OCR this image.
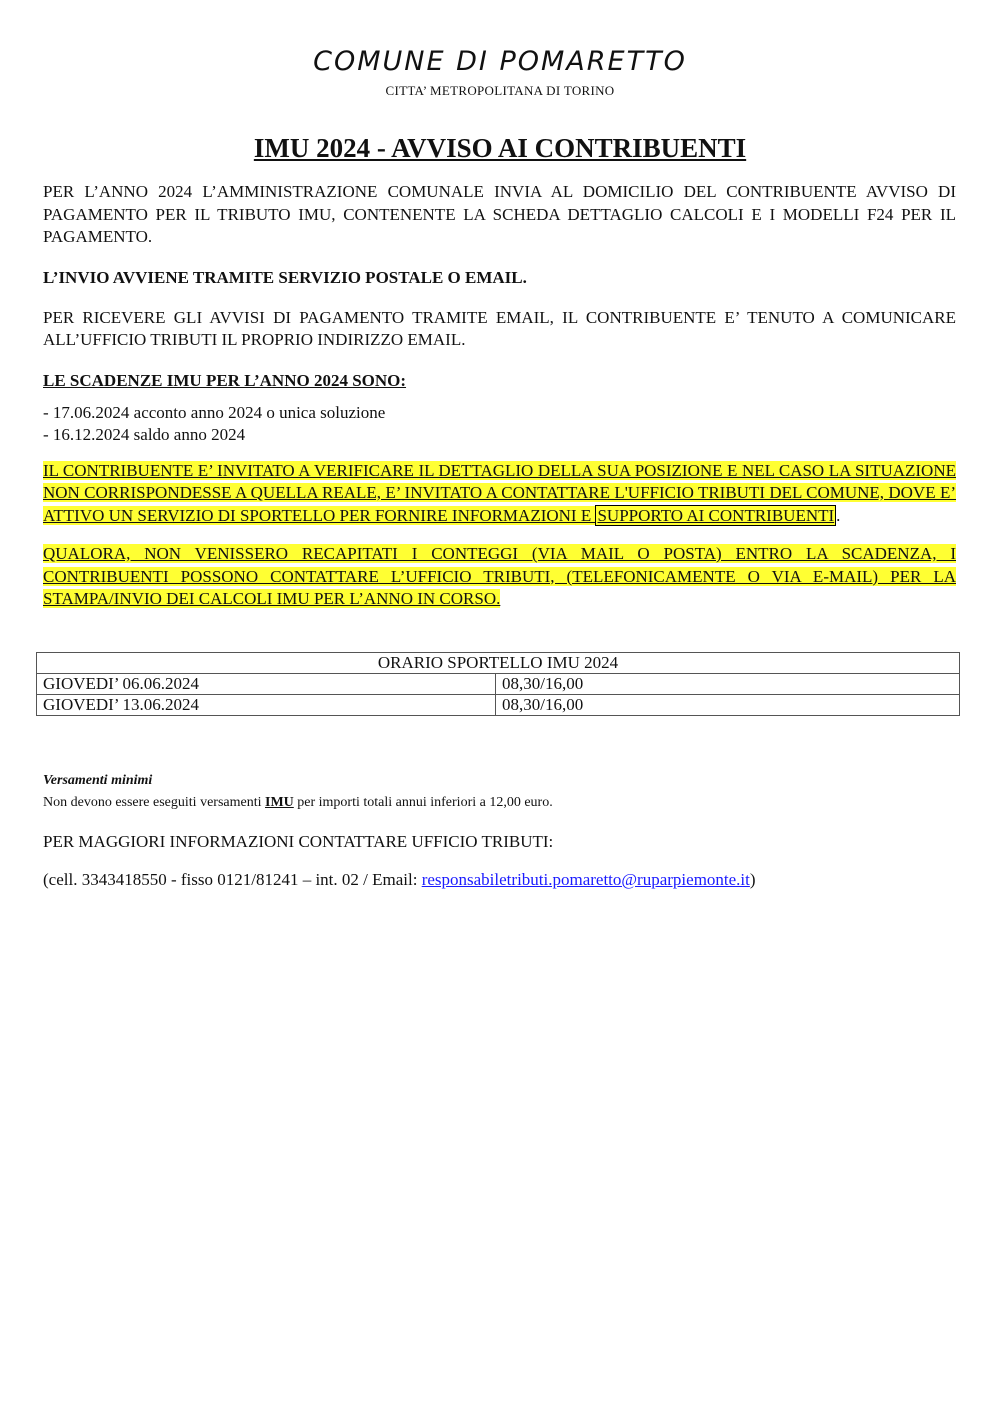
COMUNE DI POMARETTO
CITTA’ METROPOLITANA DI TORINO
IMU 2024 - AVVISO AI CONTRIBUENTI

PER L’ANNO 2024 L’AMMINISTRAZIONE COMUNALE INVIA AL DOMICILIO DEL CONTRIBUENTE AVVISO DI PAGAMENTO PER IL TRIBUTO IMU, CONTENENTE LA SCHEDA DETTAGLIO CALCOLI E I MODELLI F24 PER IL PAGAMENTO.

L’INVIO AVVIENE TRAMITE SERVIZIO POSTALE O EMAIL.

PER RICEVERE GLI AVVISI DI PAGAMENTO TRAMITE EMAIL, IL CONTRIBUENTE E’ TENUTO A COMUNICARE ALL’UFFICIO TRIBUTI IL PROPRIO INDIRIZZO EMAIL.

LE SCADENZE IMU PER L’ANNO 2024 SONO:

- 17.06.2024 acconto anno 2024 o unica soluzione
- 16.12.2024 saldo anno 2024

IL CONTRIBUENTE E’ INVITATO A VERIFICARE IL DETTAGLIO DELLA SUA POSIZIONE E NEL CASO LA SITUAZIONE NON CORRISPONDESSE A QUELLA REALE, E’ INVITATO A CONTATTARE L'UFFICIO TRIBUTI DEL COMUNE, DOVE E’ ATTIVO UN SERVIZIO DI SPORTELLO PER FORNIRE INFORMAZIONI E SUPPORTO AI CONTRIBUENTI .

QUALORA, NON VENISSERO RECAPITATI I CONTEGGI (VIA MAIL O POSTA) ENTRO LA SCADENZA, I CONTRIBUENTI POSSONO CONTATTARE L’UFFICIO TRIBUTI, (TELEFONICAMENTE O VIA E-MAIL) PER LA STAMPA/INVIO DEI CALCOLI IMU PER L’ANNO IN CORSO.

ORARIO SPORTELLO IMU 2024	
GIOVEDI’ 06.06.2024	08,30/16,00
GIOVEDI’ 13.06.2024	08,30/16,00
Versamenti minimi
Non devono essere eseguiti versamenti IMU per importi totali annui inferiori a 12,00 euro.
PER MAGGIORI INFORMAZIONI CONTATTARE UFFICIO TRIBUTI:
(cell. 3343418550 - fisso 0121/81241 – int. 02 / Email: responsabiletributi.pomaretto@ruparpiemonte.it)
